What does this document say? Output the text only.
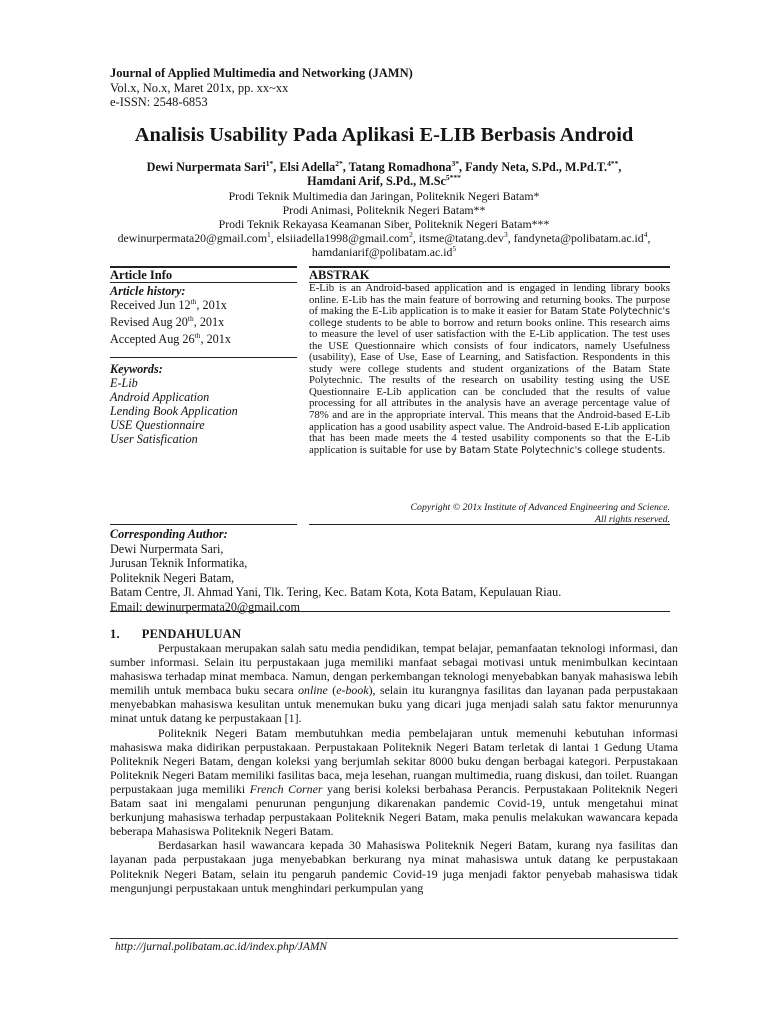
Journal of Applied Multimedia and Networking (JAMN)
Vol.x, No.x, Maret 201x, pp. xx~xx
e-ISSN: 2548-6853
Analisis Usability Pada Aplikasi E-LIB Berbasis Android
Dewi Nurpermata Sari$^{1*}$, Elsi Adella$^{2*}$, Tatang Romadhona$^{3*}$, Fandy Neta, S.Pd., M.Pd.T.$^{4**}$,
Hamdani Arif, S.Pd., $M.Sc^{5***}$
Prodi Teknik Multimedia dan Jaringan, Politeknik Negeri Batam*
Prodi Animasi, Politeknik Negeri Batam**
Prodi Teknik Rekayasa Keamanan Siber, Politeknik Negeri Batam***
dewinurpermata20@gmail.com$^1$, elsiiadella1998@gmail.com$^2$, itsme@tatang.dev$^3$, $fandyneta@polibatam.ac.id^4$,
$hamdaniarif@polibatam.ac.id^5$
Article Info	ABSTRAK
Article history:
Received Jun 12th, 201x
Revised Aug 20th, 201x
Accepted Aug 26th, 201x
Keywords:
E-Lib
Android Application
Lending Book Application
USE Questionnaire
User Satisfication
E-Lib is an Android-based application and is engaged in lending library books online. E-Lib has the main feature of borrowing and returning books. The purpose of making the E-Lib application is to make it easier for Batam State Polytechnic's college students to be able to borrow and return books online. This research aims to measure the level of user satisfaction with the E-Lib application. The test uses the USE Questionnaire which consists of four indicators, namely Usefulness (usability), Ease of Use, Ease of Learning, and Satisfaction. Respondents in this study were college students and student organizations of the Batam State Polytechnic. The results of the research on usability testing using the USE Questionnaire E-Lib application can be concluded that the results of value processing for all attributes in the analysis have an average percentage value of 78% and are in the appropriate interval. This means that the Android-based E-Lib application has a good usability aspect value. The Android-based E-Lib application that has been made meets the 4 tested usability components so that the E-Lib application is suitable for use by Batam State Polytechnic's college students.
Copyright © 201x Institute of Advanced Engineering and Science.
All rights reserved.
Corresponding Author:
Dewi Nurpermata Sari,
Jurusan Teknik Informatika,
Politeknik Negeri Batam,
Batam Centre, Jl. Ahmad Yani, Tlk. Tering, Kec. Batam Kota, Kota Batam, Kepulauan Riau.
Email: dewinurpermata20@gmail.com
1. PENDAHULUAN

Perpustakaan merupakan salah satu media pendidikan, tempat belajar, pemanfaatan teknologi informasi, dan sumber informasi. Selain itu perpustakaan juga memiliki manfaat sebagai motivasi untuk menimbulkan kecintaan mahasiswa terhadap minat membaca. Namun, dengan perkembangan teknologi menyebabkan banyak mahasiswa lebih memilih untuk membaca buku secara online (e-book), selain itu kurangnya fasilitas dan layanan pada perpustakaan menyebabkan mahasiswa kesulitan untuk menemukan buku yang dicari juga menjadi salah satu faktor menurunnya minat untuk datang ke perpustakaan [1].

Politeknik Negeri Batam membutuhkan media pembelajaran untuk memenuhi kebutuhan informasi mahasiswa maka didirikan perpustakaan. Perpustakaan Politeknik Negeri Batam terletak di lantai 1 Gedung Utama Politeknik Negeri Batam, dengan koleksi yang berjumlah sekitar 8000 buku dengan berbagai kategori. Perpustakaan Politeknik Negeri Batam memiliki fasilitas baca, meja lesehan, ruangan multimedia, ruang diskusi, dan toilet. Ruangan perpustakaan juga memiliki French Corner yang berisi koleksi berbahasa Perancis. Perpustakaan Politeknik Negeri Batam saat ini mengalami penurunan pengunjung dikarenakan pandemic Covid-19, untuk mengetahui minat berkunjung mahasiswa terhadap perpustakaan Politeknik Negeri Batam, maka penulis melakukan wawancara kepada beberapa Mahasiswa Politeknik Negeri Batam.

Berdasarkan hasil wawancara kepada 30 Mahasiswa Politeknik Negeri Batam, kurang nya fasilitas dan layanan pada perpustakaan juga menyebabkan berkurang nya minat mahasiswa untuk datang ke perpustakaan Politeknik Negeri Batam, selain itu pengaruh pandemic Covid-19 juga menjadi faktor penyebab mahasiswa tidak mengunjungi perpustakaan untuk menghindari perkumpulan yang

http://jurnal.polibatam.ac.id/index.php/JAMN
